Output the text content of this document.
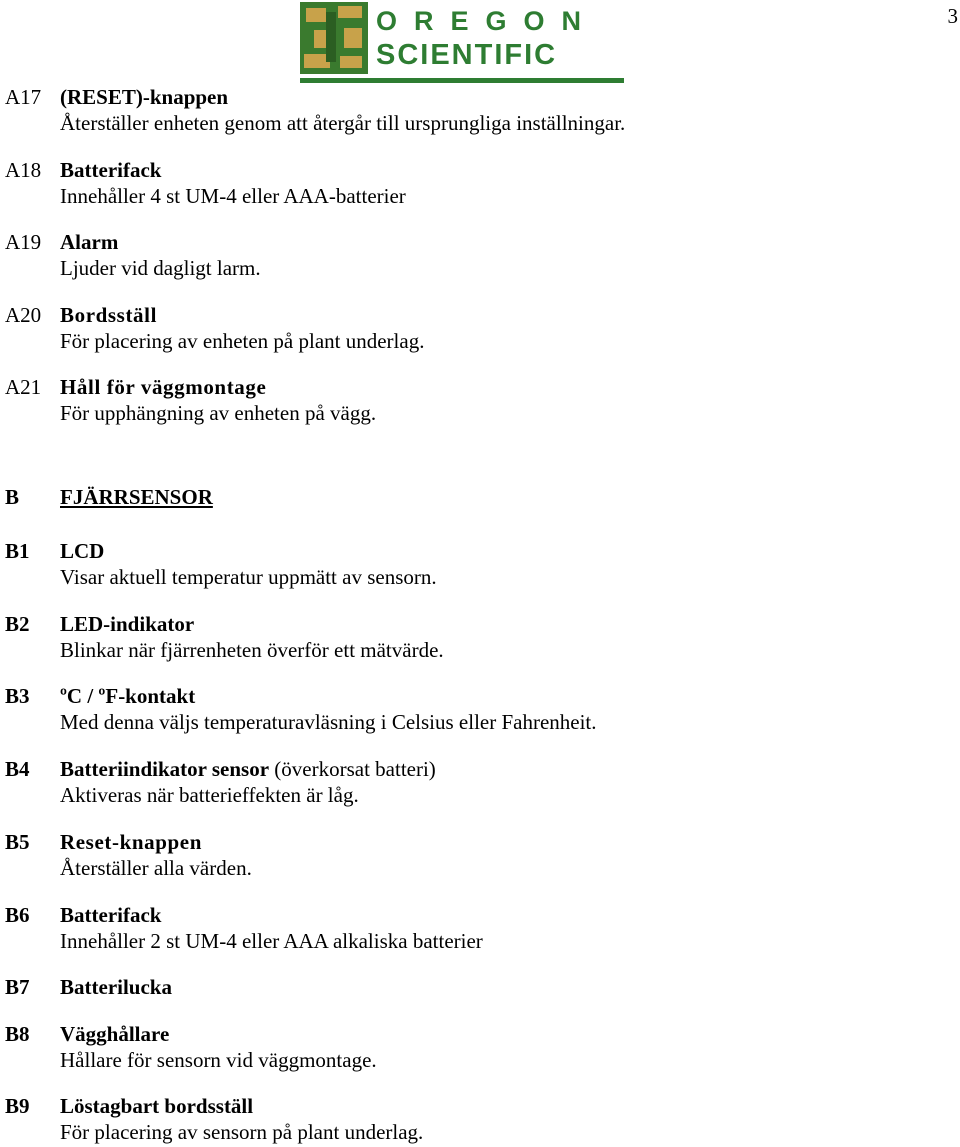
3
OREGON
SCIENTIFIC
A17 (RESET)-knappen
Återställer enheten genom att återgår till ursprungliga inställningar.
A18 Batterifack
Innehåller 4 st UM-4 eller AAA-batterier
A19 Alarm
Ljuder vid dagligt larm.
A20 Bordsställ
För placering av enheten på plant underlag.
A21 Håll för väggmontage
För upphängning av enheten på vägg.
B FJÄRRSENSOR
B1 LCD
Visar aktuell temperatur uppmätt av sensorn.
B2 LED-indikator
Blinkar när fjärrenheten överför ett mätvärde.
B3 ºC / ºF-kontakt
Med denna väljs temperaturavläsning i Celsius eller Fahrenheit.
B4 Batteriindikator sensor (överkorsat batteri)
Aktiveras när batterieffekten är låg.
B5 Reset-knappen
Återställer alla värden.
B6 Batterifack
Innehåller 2 st UM-4 eller AAA alkaliska batterier
B7 Batterilucka
B8 Vägghållare
Hållare för sensorn vid väggmontage.
B9 Löstagbart bordsställ
För placering av sensorn på plant underlag.
